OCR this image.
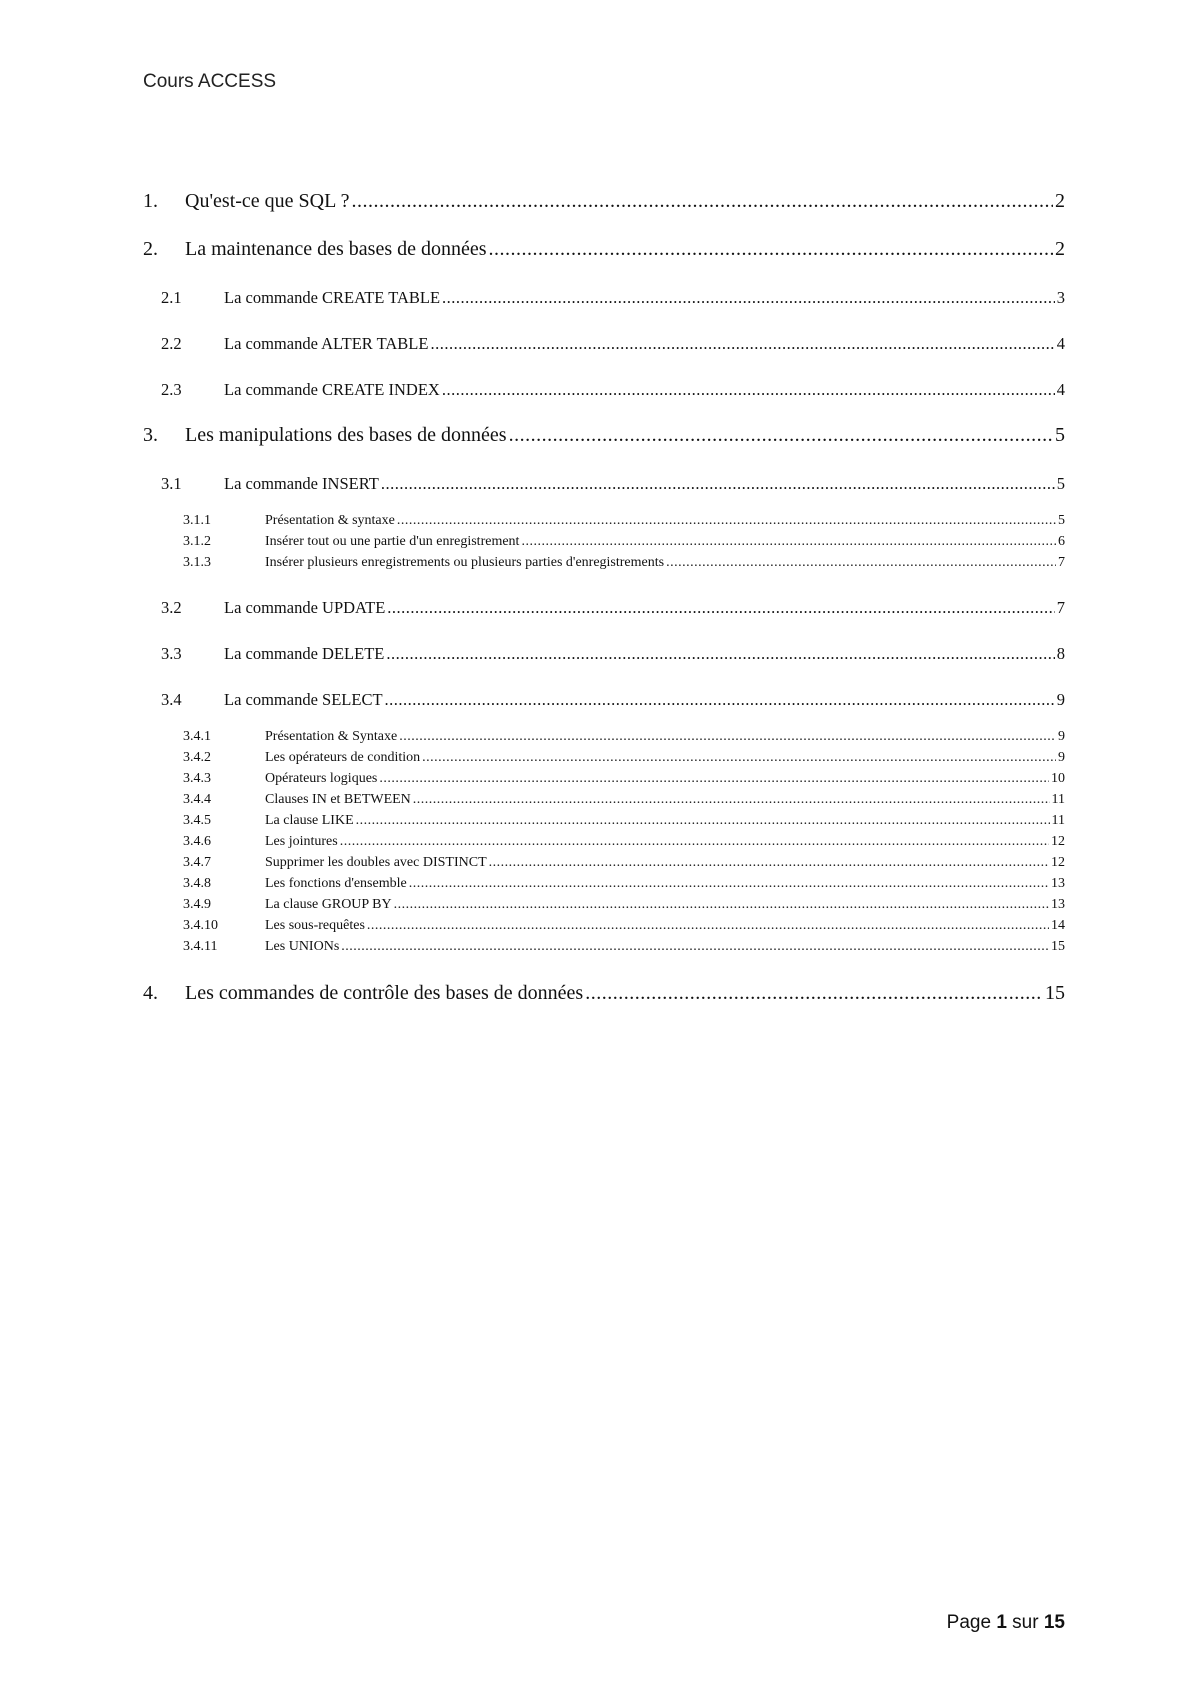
Cours ACCESS
1.	Qu'est-ce que SQL ? .....	2
2.	La maintenance des bases de données .....	2
2.1	La commande CREATE TABLE .....	3
2.2	La commande ALTER TABLE .....	4
2.3	La commande CREATE INDEX .....	4
3.	Les manipulations des bases de données .....	5
3.1	La commande INSERT .....	5
3.1.1	Présentation & syntaxe .....	5
3.1.2	Insérer tout ou une partie d'un enregistrement .....	6
3.1.3	Insérer plusieurs enregistrements ou plusieurs parties d'enregistrements .....	7
3.2	La commande UPDATE .....	7
3.3	La commande DELETE .....	8
3.4	La commande SELECT .....	9
3.4.1	Présentation & Syntaxe .....	9
3.4.2	Les opérateurs de condition .....	9
3.4.3	Opérateurs logiques .....	10
3.4.4	Clauses IN et BETWEEN .....	11
3.4.5	La clause LIKE .....	11
3.4.6	Les jointures .....	12
3.4.7	Supprimer les doubles avec DISTINCT .....	12
3.4.8	Les fonctions d'ensemble .....	13
3.4.9	La clause GROUP BY .....	13
3.4.10	Les sous-requêtes .....	14
3.4.11	Les UNIONs .....	15
4.	Les commandes de contrôle des bases de données .....	15
Page 1 sur 15
